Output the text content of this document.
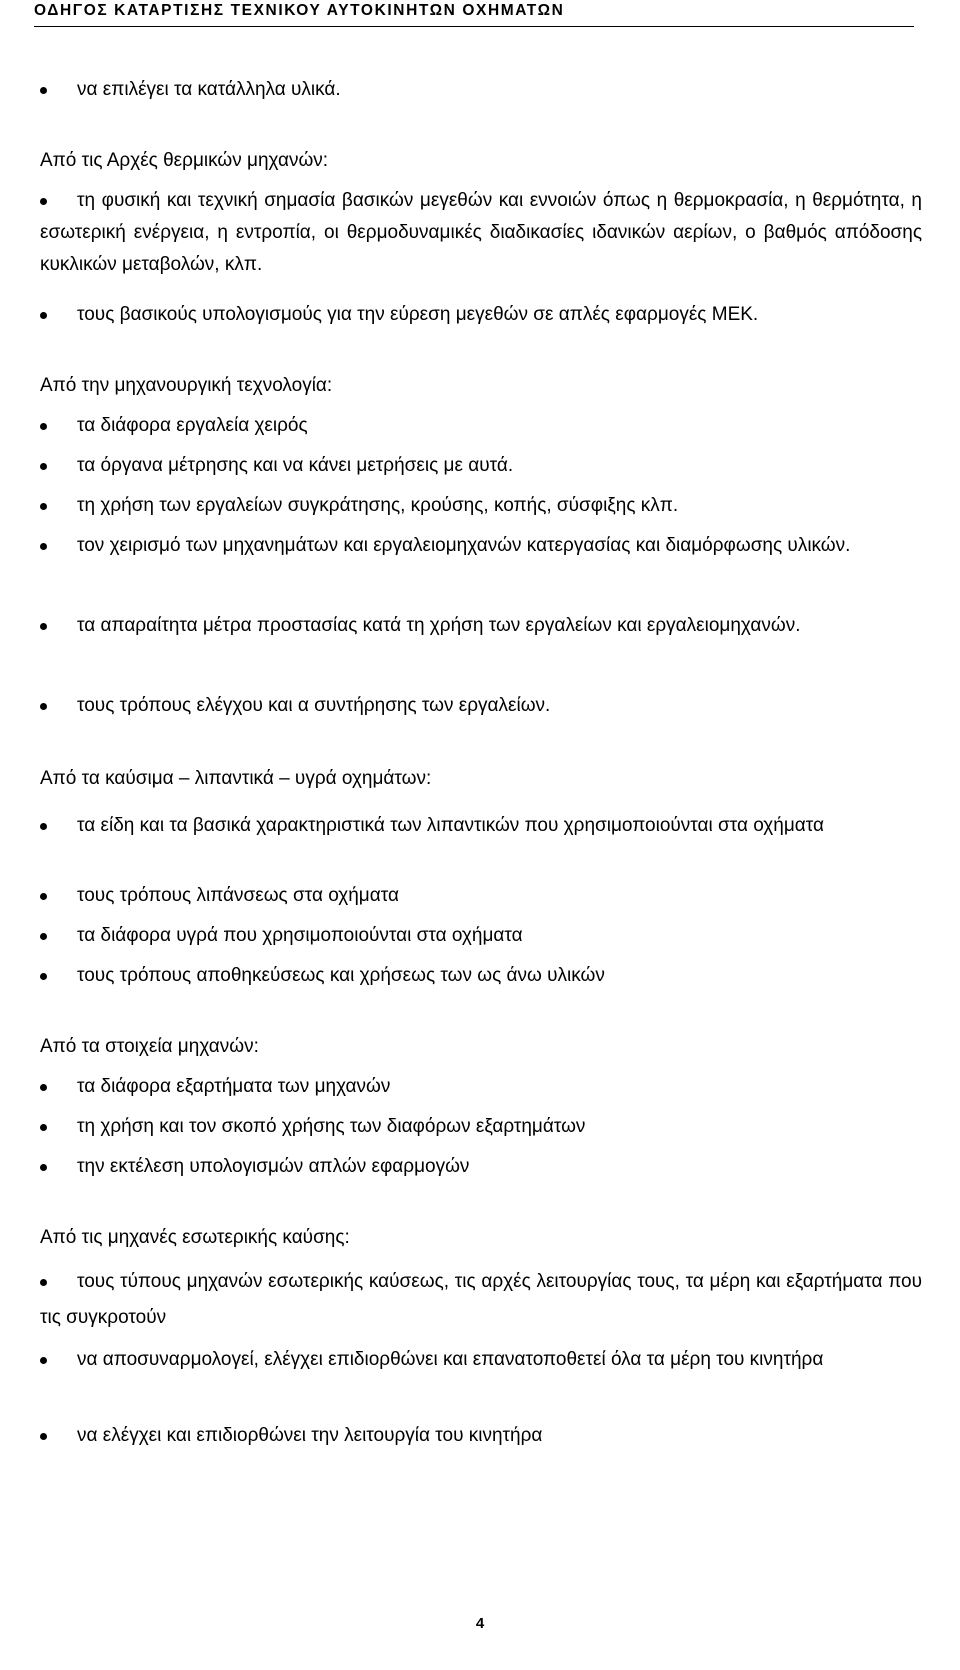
ΟΔΗΓΟΣ ΚΑΤΑΡΤΙΣΗΣ ΤΕΧΝΙΚΟΥ ΑΥΤΟΚΙΝΗΤΩΝ ΟΧΗΜΑΤΩΝ
να επιλέγει τα κατάλληλα υλικά.
Από τις Αρχές θερμικών μηχανών:
τη φυσική και τεχνική σημασία βασικών μεγεθών και εννοιών όπως η θερμοκρασία, η θερμότητα, η εσωτερική ενέργεια, η εντροπία, οι θερμοδυναμικές διαδικασίες ιδανικών αερίων, ο βαθμός απόδοσης κυκλικών μεταβολών, κλπ.
τους βασικούς υπολογισμούς για την εύρεση μεγεθών σε απλές εφαρμογές ΜΕΚ.
Από την μηχανουργική τεχνολογία:
τα διάφορα εργαλεία χειρός
τα όργανα μέτρησης και να κάνει μετρήσεις με αυτά.
τη χρήση των εργαλείων συγκράτησης, κρούσης, κοπής, σύσφιξης κλπ.
τον χειρισμό των μηχανημάτων και εργαλειομηχανών κατεργασίας και διαμόρφωσης υλικών.
τα απαραίτητα μέτρα προστασίας κατά τη χρήση των εργαλείων και εργαλειομηχανών.
τους τρόπους ελέγχου και α συντήρησης των εργαλείων.
Από τα καύσιμα – λιπαντικά – υγρά οχημάτων:
τα είδη και τα βασικά χαρακτηριστικά των λιπαντικών που χρησιμοποιούνται στα οχήματα
τους τρόπους λιπάνσεως στα οχήματα
τα διάφορα υγρά που χρησιμοποιούνται στα οχήματα
τους τρόπους αποθηκεύσεως και χρήσεως των ως άνω υλικών
Από τα στοιχεία μηχανών:
τα διάφορα εξαρτήματα των μηχανών
τη χρήση και τον σκοπό χρήσης των διαφόρων εξαρτημάτων
την εκτέλεση υπολογισμών απλών εφαρμογών
Από τις μηχανές εσωτερικής καύσης:
τους τύπους μηχανών εσωτερικής καύσεως, τις αρχές λειτουργίας τους, τα μέρη και εξαρτήματα που τις συγκροτούν
να αποσυναρμολογεί, ελέγχει επιδιορθώνει και επανατοποθετεί όλα τα μέρη του κινητήρα
να ελέγχει και επιδιορθώνει την λειτουργία του κινητήρα
4
